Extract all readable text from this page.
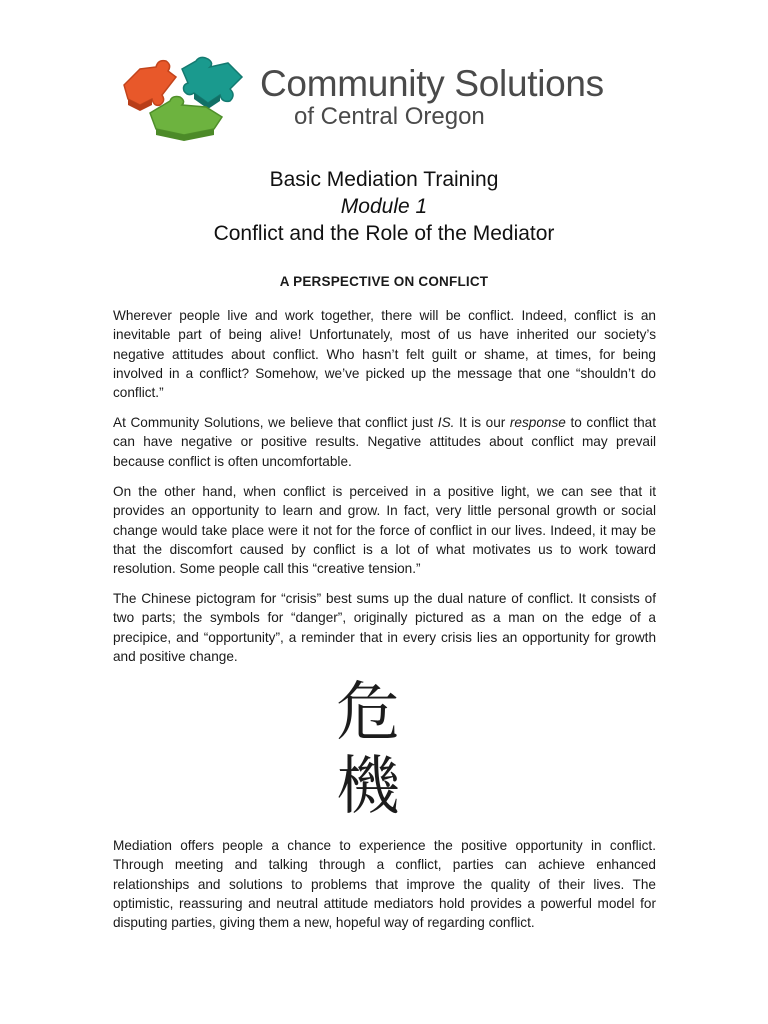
Community Solutions
of Central Oregon
Basic Mediation Training
Module 1
Conflict and the Role of the Mediator
A PERSPECTIVE ON CONFLICT

Wherever people live and work together, there will be conflict. Indeed, conflict is an inevitable part of being alive! Unfortunately, most of us have inherited our society’s negative attitudes about conflict. Who hasn’t felt guilt or shame, at times, for being involved in a conflict? Somehow, we’ve picked up the message that one “shouldn’t do conflict.”

At Community Solutions, we believe that conflict just IS. It is our response to conflict that can have negative or positive results. Negative attitudes about conflict may prevail because conflict is often uncomfortable.

On the other hand, when conflict is perceived in a positive light, we can see that it provides an opportunity to learn and grow. In fact, very little personal growth or social change would take place were it not for the force of conflict in our lives. Indeed, it may be that the discomfort caused by conflict is a lot of what motivates us to work toward resolution. Some people call this “creative tension.”

The Chinese pictogram for “crisis” best sums up the dual nature of conflict. It consists of two parts; the symbols for “danger”, originally pictured as a man on the edge of a precipice, and “opportunity”, a reminder that in every crisis lies an opportunity for growth and positive change.

危
機

Mediation offers people a chance to experience the positive opportunity in conflict. Through meeting and talking through a conflict, parties can achieve enhanced relationships and solutions to problems that improve the quality of their lives. The optimistic, reassuring and neutral attitude mediators hold provides a powerful model for disputing parties, giving them a new, hopeful way of regarding conflict.
